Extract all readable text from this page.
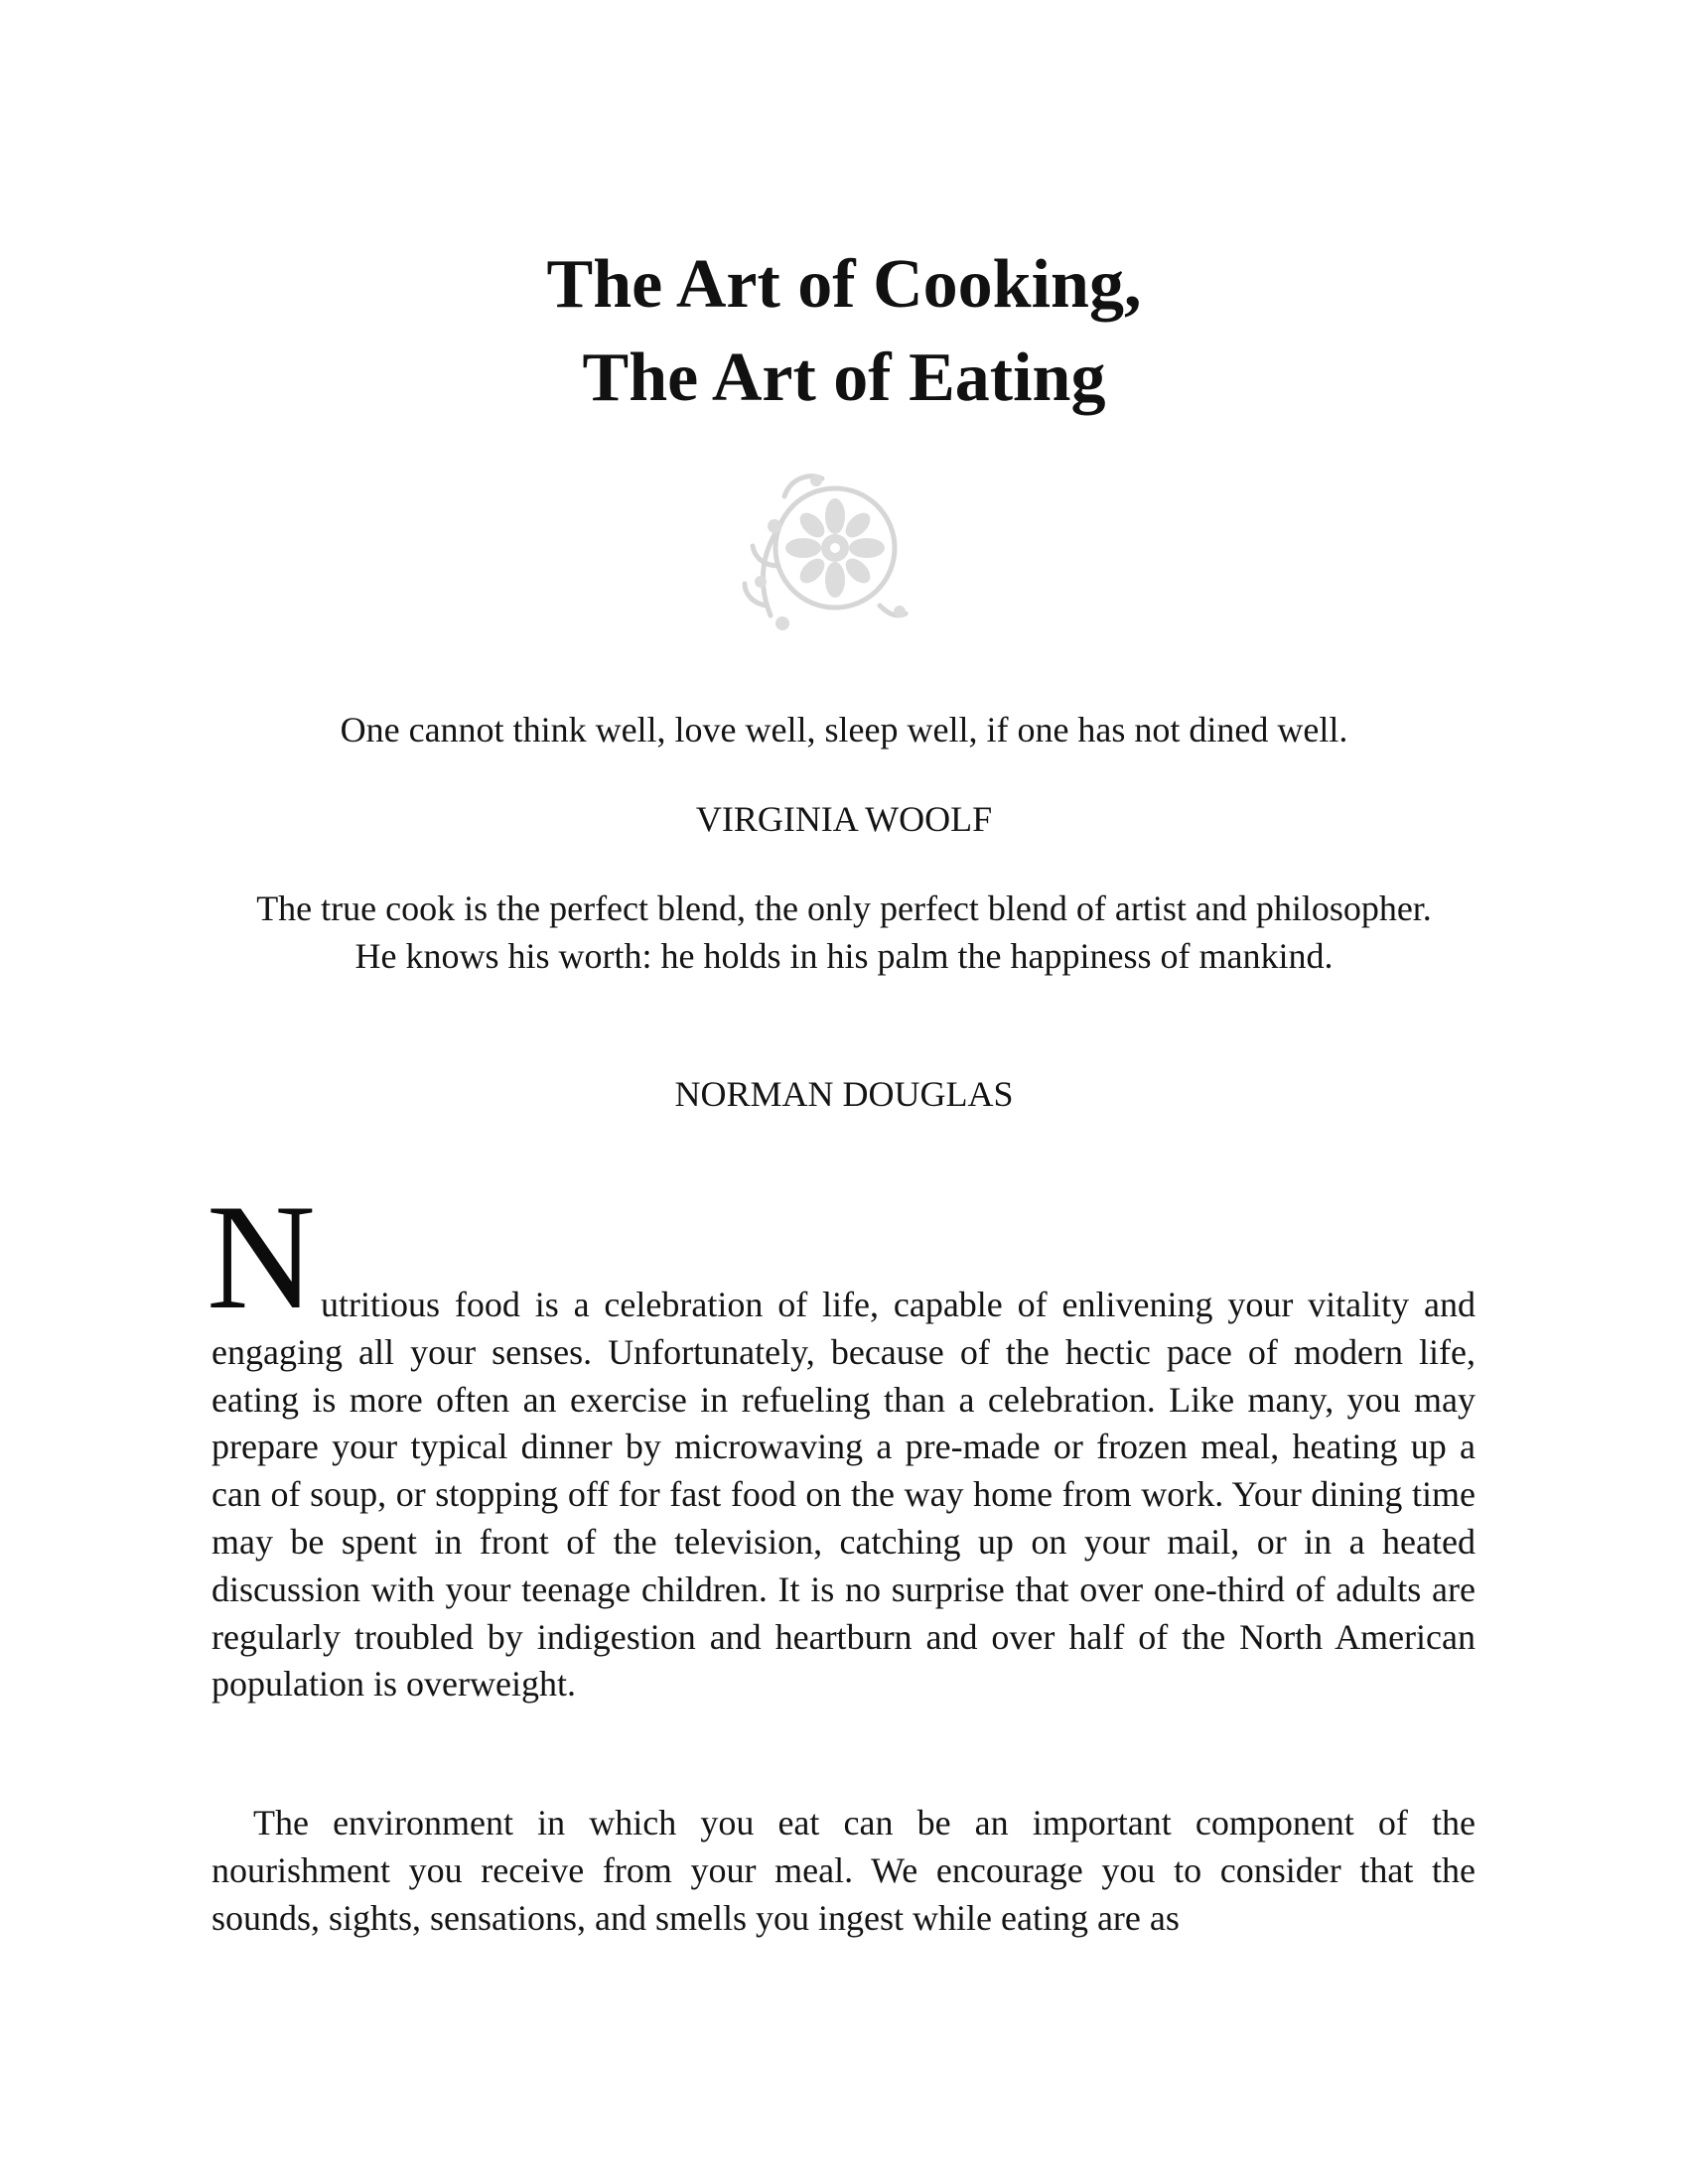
The Art of Cooking,
The Art of Eating

One cannot think well, love well, sleep well, if one has not dined well.

VIRGINIA WOOLF

The true cook is the perfect blend, the only perfect blend of artist and philosopher. He knows his worth: he holds in his palm the happiness of mankind.

NORMAN DOUGLAS

N utritious food is a celebration of life, capable of enlivening your vitality and engaging all your senses. Unfortunately, because of the hectic pace of modern life, eating is more often an exercise in refueling than a celebration. Like many, you may prepare your typical dinner by microwaving a pre-made or frozen meal, heating up a can of soup, or stopping off for fast food on the way home from work. Your dining time may be spent in front of the television, catching up on your mail, or in a heated discussion with your teenage children. It is no surprise that over one-third of adults are regularly troubled by indigestion and heartburn and over half of the North American population is overweight.

The environment in which you eat can be an important component of the nourishment you receive from your meal. We encourage you to consider that the sounds, sights, sensations, and smells you ingest while eating are as
